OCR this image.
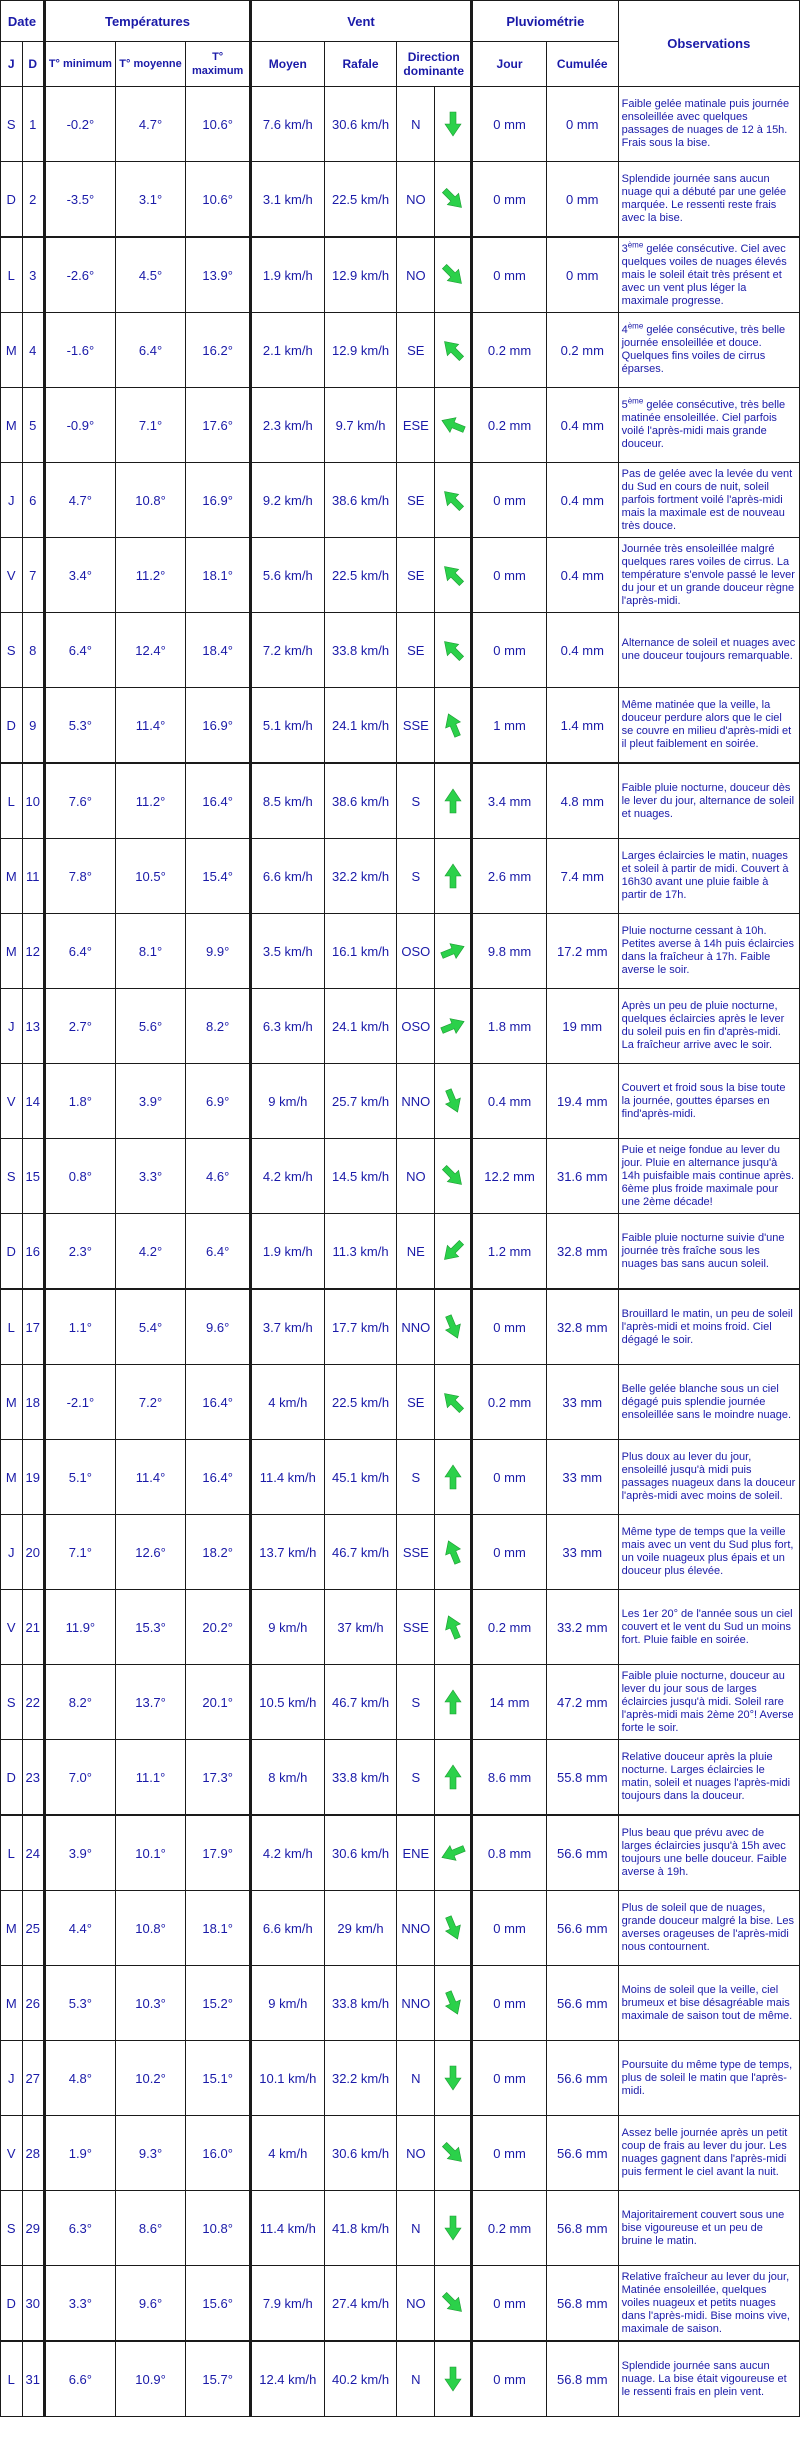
Date		Températures			Vent				Pluviométrie		Observations
J	D	T° minimum	T° moyenne	T° maximum	Moyen	Rafale	Direction dominante		Jour	Cumulée	
S	1	-0.2°	4.7°	10.6°	7.6 km/h	30.6 km/h	N		0 mm	0 mm	Faible gelée matinale puis journée ensoleillée avec quelques passages de nuages de 12 à 15h. Frais sous la bise.
D	2	-3.5°	3.1°	10.6°	3.1 km/h	22.5 km/h	NO		0 mm	0 mm	Splendide journée sans aucun nuage qui a débuté par une gelée marquée. Le ressenti reste frais avec la bise.
L	3	-2.6°	4.5°	13.9°	1.9 km/h	12.9 km/h	NO		0 mm	0 mm	3ème gelée consécutive. Ciel avec quelques voiles de nuages élevés mais le soleil était très présent et avec un vent plus léger la maximale progresse.
M	4	-1.6°	6.4°	16.2°	2.1 km/h	12.9 km/h	SE		0.2 mm	0.2 mm	4ème gelée consécutive, très belle journée ensoleillée et douce. Quelques fins voiles de cirrus éparses.
M	5	-0.9°	7.1°	17.6°	2.3 km/h	9.7 km/h	ESE		0.2 mm	0.4 mm	5ème gelée consécutive, très belle matinée ensoleillée. Ciel parfois voilé l'après-midi mais grande douceur.
J	6	4.7°	10.8°	16.9°	9.2 km/h	38.6 km/h	SE		0 mm	0.4 mm	Pas de gelée avec la levée du vent du Sud en cours de nuit, soleil parfois fortment voilé l'après-midi mais la maximale est de nouveau très douce.
V	7	3.4°	11.2°	18.1°	5.6 km/h	22.5 km/h	SE		0 mm	0.4 mm	Journée très ensoleillée malgré quelques rares voiles de cirrus. La température s'envole passé le lever du jour et un grande douceur règne l'après-midi.
S	8	6.4°	12.4°	18.4°	7.2 km/h	33.8 km/h	SE		0 mm	0.4 mm	Alternance de soleil et nuages avec une douceur toujours remarquable.
D	9	5.3°	11.4°	16.9°	5.1 km/h	24.1 km/h	SSE		1 mm	1.4 mm	Même matinée que la veille, la douceur perdure alors que le ciel se couvre en milieu d'après-midi et il pleut faiblement en soirée.
L	10	7.6°	11.2°	16.4°	8.5 km/h	38.6 km/h	S		3.4 mm	4.8 mm	Faible pluie nocturne, douceur dès le lever du jour, alternance de soleil et nuages.
M	11	7.8°	10.5°	15.4°	6.6 km/h	32.2 km/h	S		2.6 mm	7.4 mm	Larges éclaircies le matin, nuages et soleil à partir de midi. Couvert à 16h30 avant une pluie faible à partir de 17h.
M	12	6.4°	8.1°	9.9°	3.5 km/h	16.1 km/h	OSO		9.8 mm	17.2 mm	Pluie nocturne cessant à 10h. Petites averse à 14h puis éclaircies dans la fraîcheur à 17h. Faible averse le soir.
J	13	2.7°	5.6°	8.2°	6.3 km/h	24.1 km/h	OSO		1.8 mm	19 mm	Après un peu de pluie nocturne, quelques éclaircies après le lever du soleil puis en fin d'après-midi. La fraîcheur arrive avec le soir.
V	14	1.8°	3.9°	6.9°	9 km/h	25.7 km/h	NNO		0.4 mm	19.4 mm	Couvert et froid sous la bise toute la journée, gouttes éparses en find'après-midi.
S	15	0.8°	3.3°	4.6°	4.2 km/h	14.5 km/h	NO		12.2 mm	31.6 mm	Puie et neige fondue au lever du jour. Pluie en alternance jusqu'à 14h puisfaible mais continue après. 6ème plus froide maximale pour une 2ème décade!
D	16	2.3°	4.2°	6.4°	1.9 km/h	11.3 km/h	NE		1.2 mm	32.8 mm	Faible pluie nocturne suivie d'une journée très fraîche sous les nuages bas sans aucun soleil.
L	17	1.1°	5.4°	9.6°	3.7 km/h	17.7 km/h	NNO		0 mm	32.8 mm	Brouillard le matin, un peu de soleil l'après-midi et moins froid. Ciel dégagé le soir.
M	18	-2.1°	7.2°	16.4°	4 km/h	22.5 km/h	SE		0.2 mm	33 mm	Belle gelée blanche sous un ciel dégagé puis splendie journée ensoleillée sans le moindre nuage.
M	19	5.1°	11.4°	16.4°	11.4 km/h	45.1 km/h	S		0 mm	33 mm	Plus doux au lever du jour, ensoleillé jusqu'à midi puis passages nuageux dans la douceur l'après-midi avec moins de soleil.
J	20	7.1°	12.6°	18.2°	13.7 km/h	46.7 km/h	SSE		0 mm	33 mm	Même type de temps que la veille mais avec un vent du Sud plus fort, un voile nuageux plus épais et un douceur plus élevée.
V	21	11.9°	15.3°	20.2°	9 km/h	37 km/h	SSE		0.2 mm	33.2 mm	Les 1er 20° de l'année sous un ciel couvert et le vent du Sud un moins fort. Pluie faible en soirée.
S	22	8.2°	13.7°	20.1°	10.5 km/h	46.7 km/h	S		14 mm	47.2 mm	Faible pluie nocturne, douceur au lever du jour sous de larges éclaircies jusqu'à midi. Soleil rare l'après-midi mais 2ème 20°! Averse forte le soir.
D	23	7.0°	11.1°	17.3°	8 km/h	33.8 km/h	S		8.6 mm	55.8 mm	Relative douceur après la pluie nocturne. Larges éclaircies le matin, soleil et nuages l'après-midi toujours dans la douceur.
L	24	3.9°	10.1°	17.9°	4.2 km/h	30.6 km/h	ENE		0.8 mm	56.6 mm	Plus beau que prévu avec de larges éclaircies jusqu'à 15h avec toujours une belle douceur. Faible averse à 19h.
M	25	4.4°	10.8°	18.1°	6.6 km/h	29 km/h	NNO		0 mm	56.6 mm	Plus de soleil que de nuages, grande douceur malgré la bise. Les averses orageuses de l'après-midi nous contournent.
M	26	5.3°	10.3°	15.2°	9 km/h	33.8 km/h	NNO		0 mm	56.6 mm	Moins de soleil que la veille, ciel brumeux et bise désagréable mais maximale de saison tout de même.
J	27	4.8°	10.2°	15.1°	10.1 km/h	32.2 km/h	N		0 mm	56.6 mm	Poursuite du même type de temps, plus de soleil le matin que l'après-midi.
V	28	1.9°	9.3°	16.0°	4 km/h	30.6 km/h	NO		0 mm	56.6 mm	Assez belle journée après un petit coup de frais au lever du jour. Les nuages gagnent dans l'après-midi puis ferment le ciel avant la nuit.
S	29	6.3°	8.6°	10.8°	11.4 km/h	41.8 km/h	N		0.2 mm	56.8 mm	Majoritairement couvert sous une bise vigoureuse et un peu de bruine le matin.
D	30	3.3°	9.6°	15.6°	7.9 km/h	27.4 km/h	NO		0 mm	56.8 mm	Relative fraîcheur au lever du jour, Matinée ensoleillée, quelques voiles nuageux et petits nuages dans l'après-midi. Bise moins vive, maximale de saison.
L	31	6.6°	10.9°	15.7°	12.4 km/h	40.2 km/h	N		0 mm	56.8 mm	Splendide journée sans aucun nuage. La bise était vigoureuse et le ressenti frais en plein vent.
